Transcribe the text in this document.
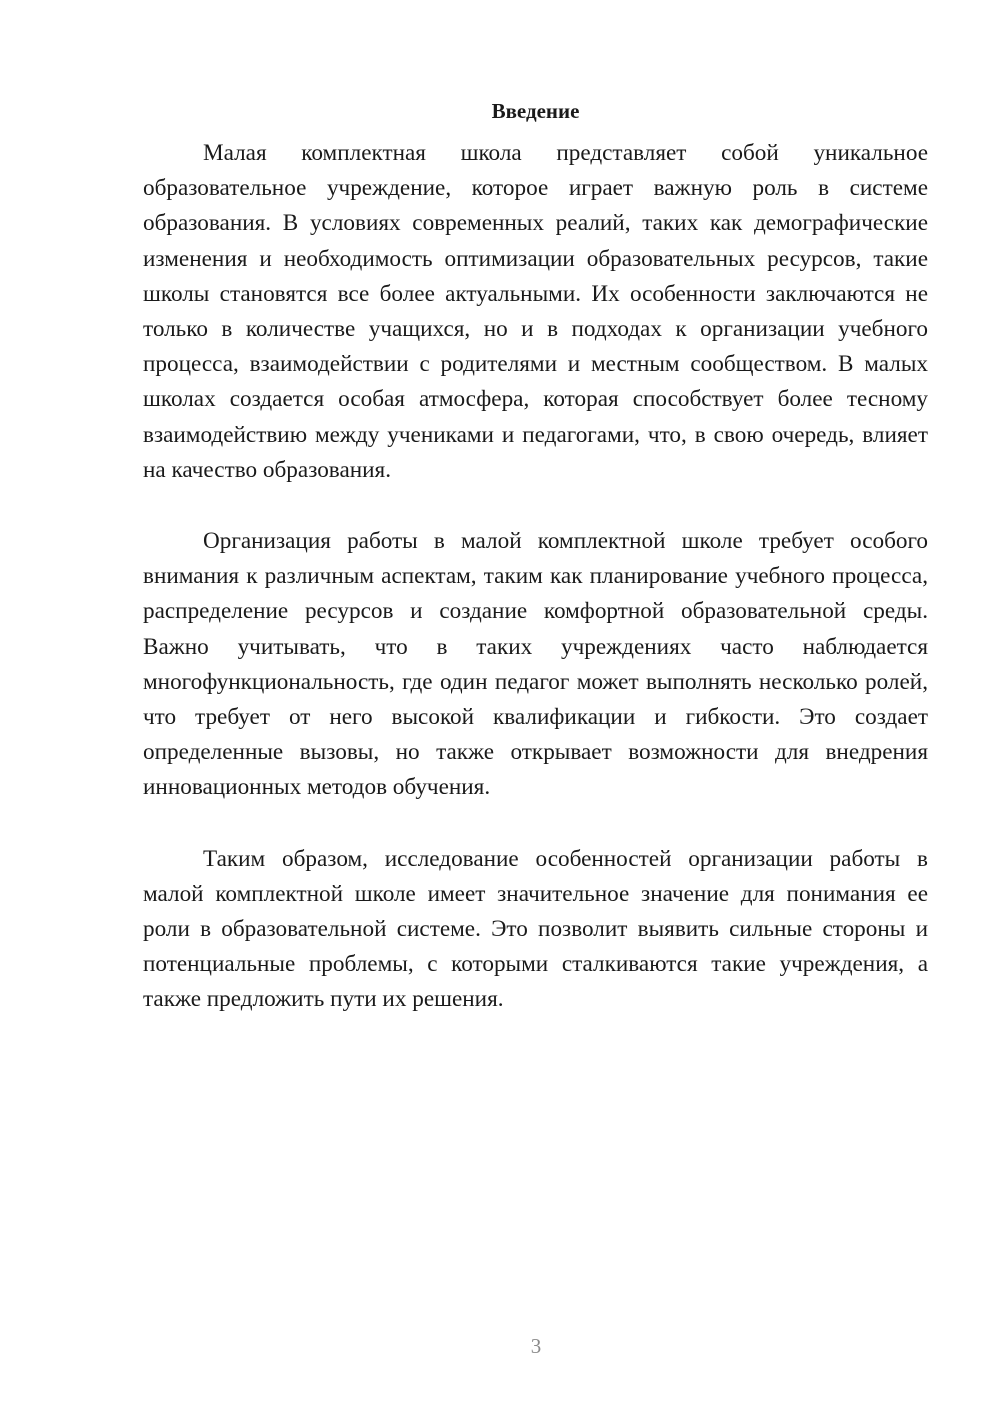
Введение

Малая комплектная школа представляет собой уникальное образовательное учреждение, которое играет важную роль в системе образования. В условиях современных реалий, таких как демографические изменения и необходимость оптимизации образовательных ресурсов, такие школы становятся все более актуальными. Их особенности заключаются не только в количестве учащихся, но и в подходах к организации учебного процесса, взаимодействии с родителями и местным сообществом. В малых школах создается особая атмосфера, которая способствует более тесному взаимодействию между учениками и педагогами, что, в свою очередь, влияет на качество образования.

Организация работы в малой комплектной школе требует особого внимания к различным аспектам, таким как планирование учебного процесса, распределение ресурсов и создание комфортной образовательной среды. Важно учитывать, что в таких учреждениях часто наблюдается многофункциональность, где один педагог может выполнять несколько ролей, что требует от него высокой квалификации и гибкости. Это создает определенные вызовы, но также открывает возможности для внедрения инновационных методов обучения.

Таким образом, исследование особенностей организации работы в малой комплектной школе имеет значительное значение для понимания ее роли в образовательной системе. Это позволит выявить сильные стороны и потенциальные проблемы, с которыми сталкиваются такие учреждения, а также предложить пути их решения.

3
